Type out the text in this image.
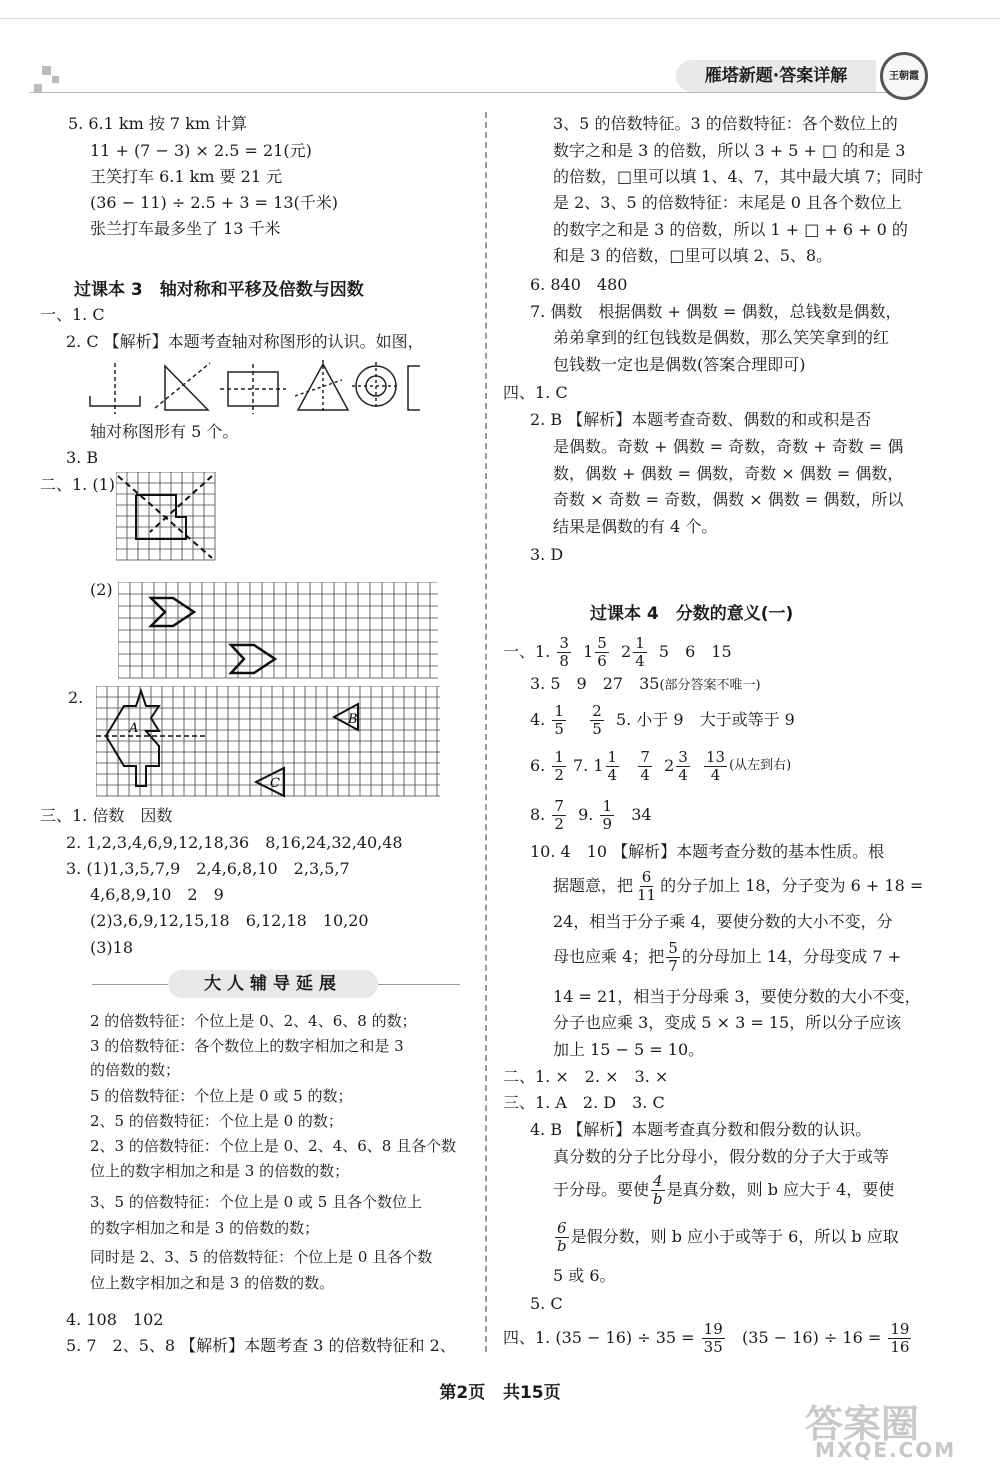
雁塔新题·答案详解	王朝霞
5. 6.1 km 按 7 km 计算
11 + (7 − 3) × 2.5 = 21(元)
王笑打车 6.1 km 要 21 元
(36 − 11) ÷ 2.5 + 3 = 13(千米)
张兰打车最多坐了 13 千米
过课本 3　轴对称和平移及倍数与因数
一、1. C
2. C 【解析】本题考查轴对称图形的认识。如图，
轴对称图形有 5 个。
3. B
二、1. (1)
(2)
2.
A
B
C
三、1. 倍数　因数
2. 1,2,3,4,6,9,12,18,36　8,16,24,32,40,48
3. (1)1,3,5,7,9　2,4,6,8,10　2,3,5,7
4,6,8,9,10　2　9
(2)3,6,9,12,15,18　6,12,18　10,20
(3)18
大人辅导延展
2 的倍数特征：个位上是 0、2、4、6、8 的数；
3 的倍数特征：各个数位上的数字相加之和是 3
的倍数的数；
5 的倍数特征：个位上是 0 或 5 的数；
2、5 的倍数特征：个位上是 0 的数；
2、3 的倍数特征：个位上是 0、2、4、6、8 且各个数
位上的数字相加之和是 3 的倍数的数；
3、5 的倍数特征：个位上是 0 或 5 且各个数位上
的数字相加之和是 3 的倍数的数；
同时是 2、3、5 的倍数特征：个位上是 0 且各个数
位上数字相加之和是 3 的倍数的数。
4. 108　102
5. 7　2、5、8 【解析】本题考查 3 的倍数特征和 2、
3、5 的倍数特征。3 的倍数特征：各个数位上的
数字之和是 3 的倍数，所以 3 + 5 + □ 的和是 3
的倍数，□里可以填 1、4、7，其中最大填 7；同时
是 2、3、5 的倍数特征：末尾是 0 且各个数位上
的数字之和是 3 的倍数，所以 1 + □ + 6 + 0 的
和是 3 的倍数，□里可以填 2、5、8。
6. 840　480
7. 偶数　根据偶数 + 偶数 = 偶数，总钱数是偶数，
弟弟拿到的红包钱数是偶数，那么笑笑拿到的红
包钱数一定也是偶数(答案合理即可)
四、1. C
2. B 【解析】本题考查奇数、偶数的和或积是否
是偶数。奇数 + 偶数 = 奇数，奇数 + 奇数 = 偶
数，偶数 + 偶数 = 偶数，奇数 × 偶数 = 偶数，
奇数 × 奇数 = 奇数，偶数 × 偶数 = 偶数，所以
结果是偶数的有 4 个。
3. D
过课本 4　分数的意义(一)
一、1.
$\frac{3}{8}$
$1 \frac{5}{6}$
$2 \frac{1}{4}$
5　6　15
3. 5　9　27　35(部分答案不唯一)
4.
$\frac{1}{5}$
$\frac{2}{5}$
5. 小于 9　大于或等于 9
6.
$\frac{1}{2}$
7. $1 \frac{1}{4}$
$\frac{7}{4}$
$2 \frac{3}{4}$
$\frac{13}{4}$ (从左到右)
8.
$\frac{7}{2}$
9.
$\frac{1}{9}$
34
10. 4　10 【解析】本题考查分数的基本性质。根
据题意，把 $\frac{6}{11}$ 的分子加上 18，分子变为 6 + 18 =
24，相当于分子乘 4，要使分数的大小不变，分
母也应乘 4；把 $\frac{5}{7}$ 的分母加上 14，分母变成 7 +
14 = 21，相当于分母乘 3，要使分数的大小不变，
分子也应乘 3，变成 5 × 3 = 15，所以分子应该
加上 15 − 5 = 10。
二、1. ×　2. ×　3. ×
三、1. A　2. D　3. C
4. B 【解析】本题考查真分数和假分数的认识。
真分数的分子比分母小，假分数的分子大于或等
于分母。要使 $\frac{4}{b}$ 是真分数，则 b 应大于 4，要使
$\frac{6}{b}$ 是假分数，则 b 应小于或等于 6，所以 b 应取
5 或 6。
5. C
四、1. (35 − 16) ÷ 35 =
$\frac{19}{35}$
(35 − 16) ÷ 16 =
$\frac{19}{16}$
第2页 共15页
答案圈
MXQE.COM
